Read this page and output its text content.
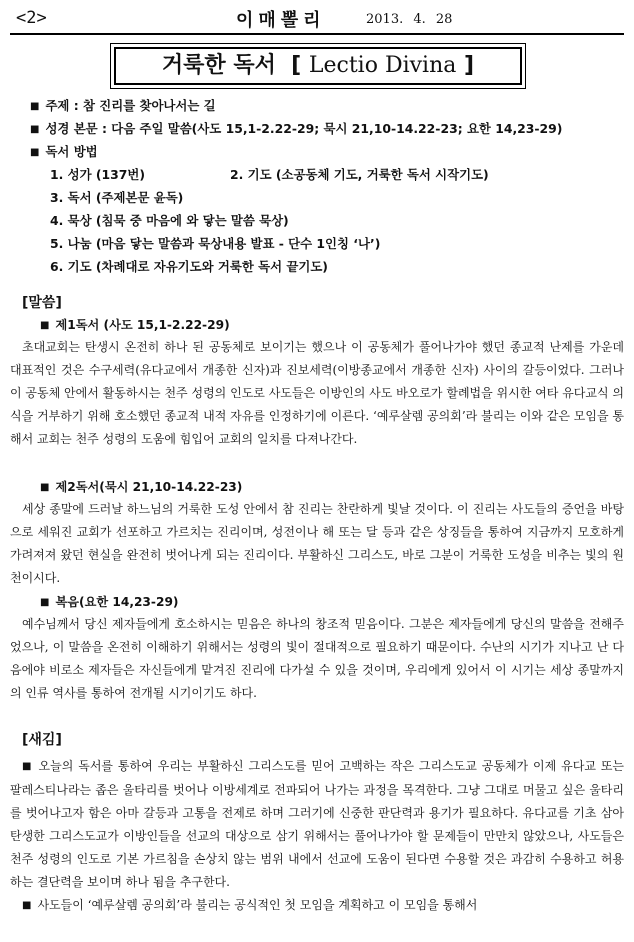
<2>	이매뽈리	2013. 4. 28
거룩한 독서  [ Lectio Divina ]
■ 주제 : 참 진리를 찾아나서는 길
■ 성경 본문 : 다음 주일 말씀(사도 15,1-2.22-29; 묵시 21,10-14.22-23; 요한 14,23-29)
■ 독서 방법
1. 성가 (137번)	2. 기도 (소공동체 기도, 거룩한 독서 시작기도)
3. 독서 (주제본문 윤독)
4. 묵상 (침묵 중 마음에 와 닿는 말씀 묵상)
5. 나눔 (마음 닿는 말씀과 묵상내용 발표 - 단수 1인칭 ‘나’)
6. 기도 (차례대로 자유기도와 거룩한 독서 끝기도)
[말씀]
■ 제1독서 (사도 15,1-2.22-29)

초대교회는 탄생시 온전히 하나 된 공동체로 보이기는 했으나 이 공동체가 풀어나가야 했던 종교적 난제를 가운데 대표적인 것은 수구세력(유다교에서 개종한 신자)과 진보세력(이방종교에서 개종한 신자) 사이의 갈등이었다. 그러나 이 공동체 안에서 활동하시는 천주 성령의 인도로 사도들은 이방인의 사도 바오로가 할례법을 위시한 여타 유다교식 의식을 거부하기 위해 호소했던 종교적 내적 자유를 인정하기에 이른다. ‘예루살렘 공의회’라 불리는 이와 같은 모임을 통해서 교회는 천주 성령의 도움에 힘입어 교회의 일치를 다져나간다.

■ 제2독서(묵시 21,10-14.22-23)

세상 종말에 드러날 하느님의 거룩한 도성 안에서 참 진리는 찬란하게 빛날 것이다. 이 진리는 사도들의 증언을 바탕으로 세워진 교회가 선포하고 가르치는 진리이며, 성전이나 해 또는 달 등과 같은 상징들을 통하여 지금까지 모호하게 가려져져 왔던 현실을 완전히 벗어나게 되는 진리이다. 부활하신 그리스도, 바로 그분이 거룩한 도성을 비추는 빛의 원천이시다.

■ 복음(요한 14,23-29)

예수님께서 당신 제자들에게 호소하시는 믿음은 하나의 창조적 믿음이다. 그분은 제자들에게 당신의 말씀을 전해주었으나, 이 말씀을 온전히 이해하기 위해서는 성령의 빛이 절대적으로 필요하기 때문이다. 수난의 시기가 지나고 난 다음에야 비로소 제자들은 자신들에게 맡겨진 진리에 다가설 수 있을 것이며, 우리에게 있어서 이 시기는 세상 종말까지의 인류 역사를 통하여 전개될 시기이기도 하다.

[새김]

■ 오늘의 독서를 통하여 우리는 부활하신 그리스도를 믿어 고백하는 작은 그리스도교 공동체가 이제 유다교 또는 팔레스티나라는 좁은 울타리를 벗어나 이방세계로 전파되어 나가는 과정을 목격한다. 그냥 그대로 머물고 싶은 울타리를 벗어나고자 함은 아마 갈등과 고통을 전제로 하며 그러기에 신중한 판단력과 용기가 필요하다. 유다교를 기초 삼아 탄생한 그리스도교가 이방인들을 선교의 대상으로 삼기 위해서는 풀어나가야 할 문제들이 만만치 않았으나, 사도들은 천주 성령의 인도로 기본 가르침을 손상치 않는 범위 내에서 선교에 도움이 된다면 수용할 것은 과감히 수용하고 허용하는 결단력을 보이며 하나 됨을 추구한다.

■ 사도들이 ‘예루살렘 공의회’라 불리는 공식적인 첫 모임을 계획하고 이 모임을 통해서
